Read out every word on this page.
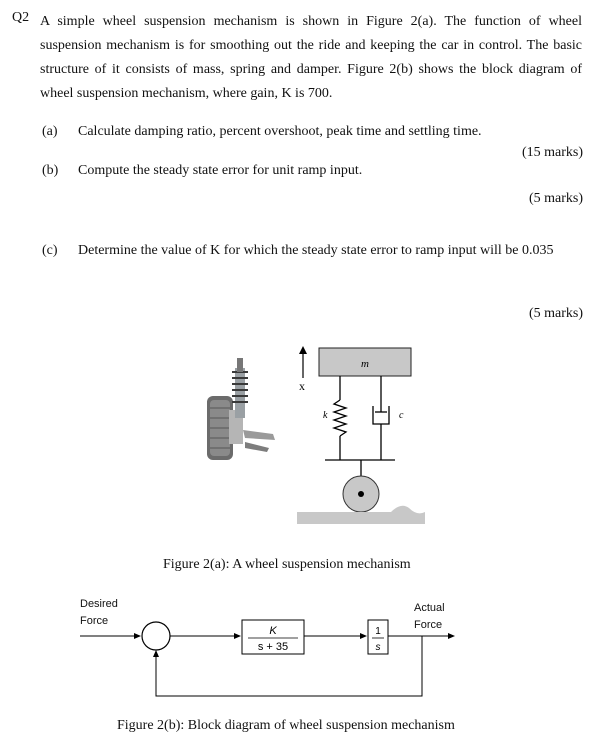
Q2 A simple wheel suspension mechanism is shown in Figure 2(a). The function of wheel suspension mechanism is for smoothing out the ride and keeping the car in control. The basic structure of it consists of mass, spring and damper. Figure 2(b) shows the block diagram of wheel suspension mechanism, where gain, K is 700.
(a) Calculate damping ratio, percent overshoot, peak time and settling time.
(15 marks)
(b) Compute the steady state error for unit ramp input.
(5 marks)
(c) Determine the value of K for which the steady state error to ramp input will be 0.035
(5 marks)
x
m
k	c
Figure 2(a): A wheel suspension mechanism
Desired
Force
Actual
Force
K
s + 35
1
s
Figure 2(b): Block diagram of wheel suspension mechanism
